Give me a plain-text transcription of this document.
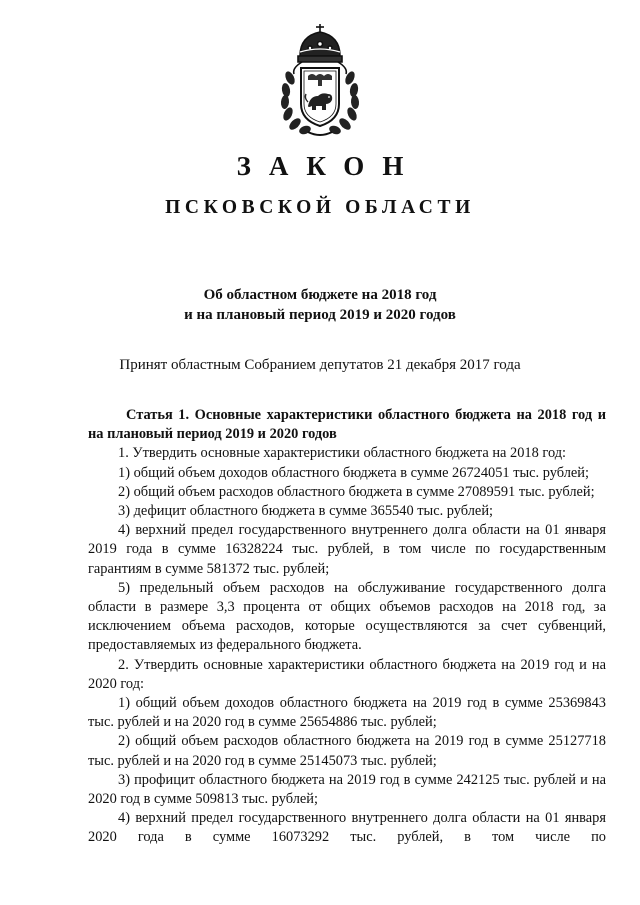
ЗАКОН
ПСКОВСКОЙ ОБЛАСТИ
Об областном бюджете на 2018 год
и на плановый период 2019 и 2020 годов
Принят областным Собранием депутатов 21 декабря 2017 года

Статья 1. Основные характеристики областного бюджета на 2018 год и на плановый период 2019 и 2020 годов

1. Утвердить основные характеристики областного бюджета на 2018 год:

1) общий объем доходов областного бюджета в сумме 26724051 тыс. рублей;

2) общий объем расходов областного бюджета в сумме 27089591 тыс. рублей;

3) дефицит областного бюджета в сумме 365540 тыс. рублей;

4) верхний предел государственного внутреннего долга области на 01 января 2019 года в сумме 16328224 тыс. рублей, в том числе по государственным гарантиям в сумме 581372 тыс. рублей;

5) предельный объем расходов на обслуживание государственного долга области в размере 3,3 процента от общих объемов расходов на 2018 год, за исключением объема расходов, которые осуществляются за счет субвенций, предоставляемых из федерального бюджета.

2. Утвердить основные характеристики областного бюджета на 2019 год и на 2020 год:

1) общий объем доходов областного бюджета на 2019 год в сумме 25369843 тыс. рублей и на 2020 год в сумме 25654886 тыс. рублей;

2) общий объем расходов областного бюджета на 2019 год в сумме 25127718 тыс. рублей и на 2020 год в сумме 25145073 тыс. рублей;

3) профицит областного бюджета на 2019 год в сумме 242125 тыс. рублей и на 2020 год в сумме 509813 тыс. рублей;

4) верхний предел государственного внутреннего долга области на 01 января 2020 года в сумме 16073292 тыс. рублей, в том числе по
